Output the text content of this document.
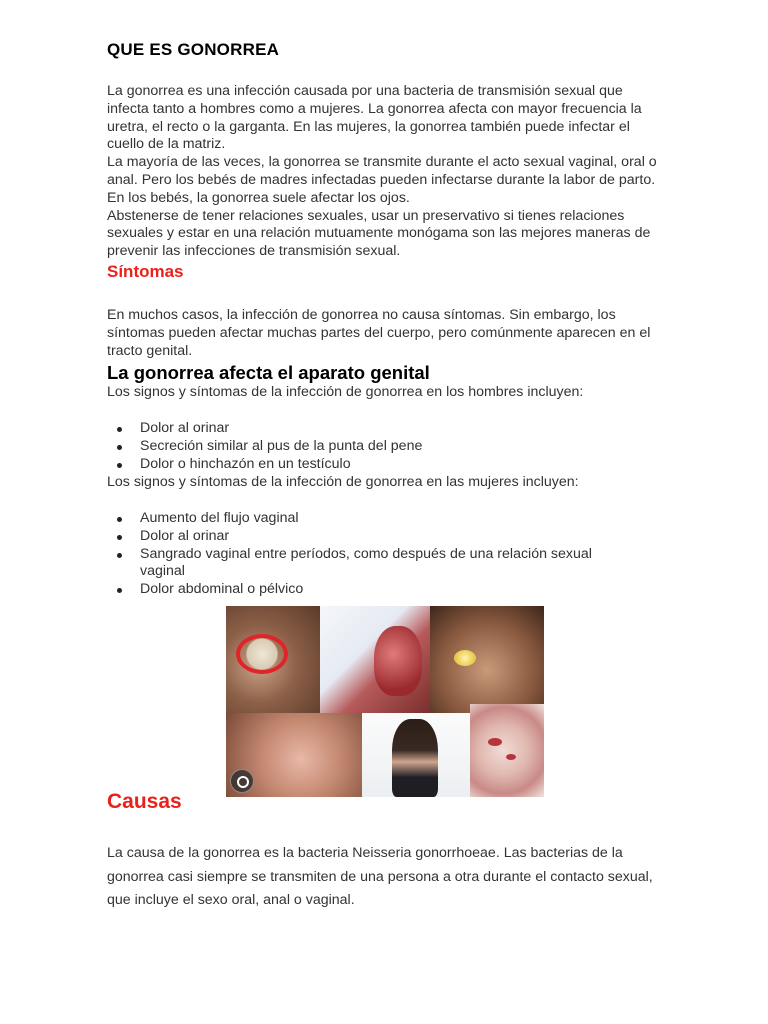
QUE ES GONORREA

La gonorrea es una infección causada por una bacteria de transmisión sexual que infecta tanto a hombres como a mujeres. La gonorrea afecta con mayor frecuencia la uretra, el recto o la garganta. En las mujeres, la gonorrea también puede infectar el cuello de la matriz.

La mayoría de las veces, la gonorrea se transmite durante el acto sexual vaginal, oral o anal. Pero los bebés de madres infectadas pueden infectarse durante la labor de parto. En los bebés, la gonorrea suele afectar los ojos.

Abstenerse de tener relaciones sexuales, usar un preservativo si tienes relaciones sexuales y estar en una relación mutuamente monógama son las mejores maneras de prevenir las infecciones de transmisión sexual.

Síntomas

En muchos casos, la infección de gonorrea no causa síntomas. Sin embargo, los síntomas pueden afectar muchas partes del cuerpo, pero comúnmente aparecen en el tracto genital.

La gonorrea afecta el aparato genital

Los signos y síntomas de la infección de gonorrea en los hombres incluyen:

Dolor al orinar
Secreción similar al pus de la punta del pene
Dolor o hinchazón en un testículo

Los signos y síntomas de la infección de gonorrea en las mujeres incluyen:

Aumento del flujo vaginal
Dolor al orinar
Sangrado vaginal entre períodos, como después de una relación sexual vaginal
Dolor abdominal o pélvico
Causas

La causa de la gonorrea es la bacteria Neisseria gonorrhoeae. Las bacterias de la gonorrea casi siempre se transmiten de una persona a otra durante el contacto sexual, que incluye el sexo oral, anal o vaginal.
